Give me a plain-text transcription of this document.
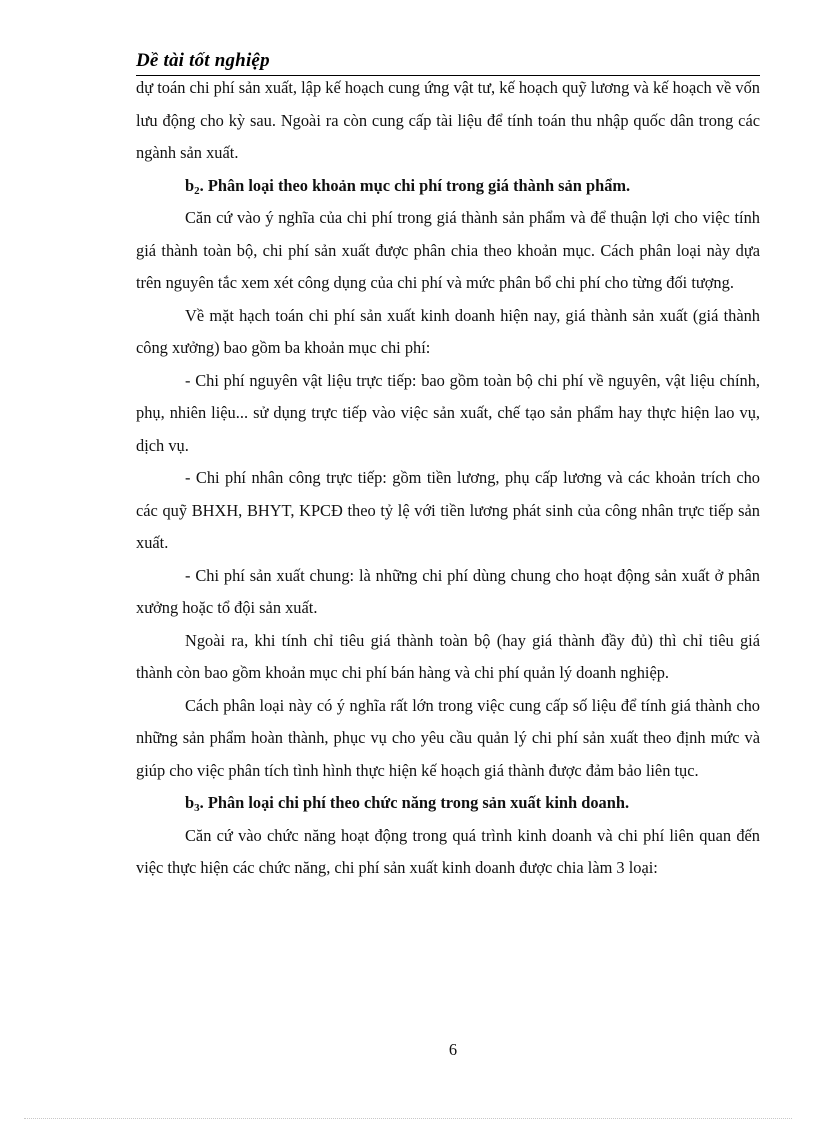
Dề tài tốt nghiệp

dự toán chi phí sản xuất, lập kế hoạch cung ứng vật tư, kế hoạch quỹ lương và kế hoạch về vốn lưu động cho kỳ sau. Ngoài ra còn cung cấp tài liệu để tính toán thu nhập quốc dân trong các ngành sản xuất.

$b_2$. Phân loại theo khoản mục chi phí trong giá thành sản phẩm.

Căn cứ vào ý nghĩa của chi phí trong giá thành sản phẩm và để thuận lợi cho việc tính giá thành toàn bộ, chi phí sản xuất được phân chia theo khoản mục. Cách phân loại này dựa trên nguyên tắc xem xét công dụng của chi phí và mức phân bổ chi phí cho từng đối tượng.

Về mặt hạch toán chi phí sản xuất kinh doanh hiện nay, giá thành sản xuất (giá thành công xưởng) bao gồm ba khoản mục chi phí:

- Chi phí nguyên vật liệu trực tiếp: bao gồm toàn bộ chi phí về nguyên, vật liệu chính, phụ, nhiên liệu... sử dụng trực tiếp vào việc sản xuất, chế tạo sản phẩm hay thực hiện lao vụ, dịch vụ.

- Chi phí nhân công trực tiếp: gồm tiền lương, phụ cấp lương và các khoản trích cho các quỹ BHXH, BHYT, KPCĐ theo tỷ lệ với tiền lương phát sinh của công nhân trực tiếp sản xuất.

- Chi phí sản xuất chung: là những chi phí dùng chung cho hoạt động sản xuất ở phân xưởng hoặc tổ đội sản xuất.

Ngoài ra, khi tính chỉ tiêu giá thành toàn bộ (hay giá thành đầy đủ) thì chỉ tiêu giá thành còn bao gồm khoản mục chi phí bán hàng và chi phí quản lý doanh nghiệp.

Cách phân loại này có ý nghĩa rất lớn trong việc cung cấp số liệu để tính giá thành cho những sản phẩm hoàn thành, phục vụ cho yêu cầu quản lý chi phí sản xuất theo định mức và giúp cho việc phân tích tình hình thực hiện kế hoạch giá thành được đảm bảo liên tục.

$b_3$. Phân loại chi phí theo chức năng trong sản xuất kinh doanh.

Căn cứ vào chức năng hoạt động trong quá trình kinh doanh và chi phí liên quan đến việc thực hiện các chức năng, chi phí sản xuất kinh doanh được chia làm 3 loại:

6
